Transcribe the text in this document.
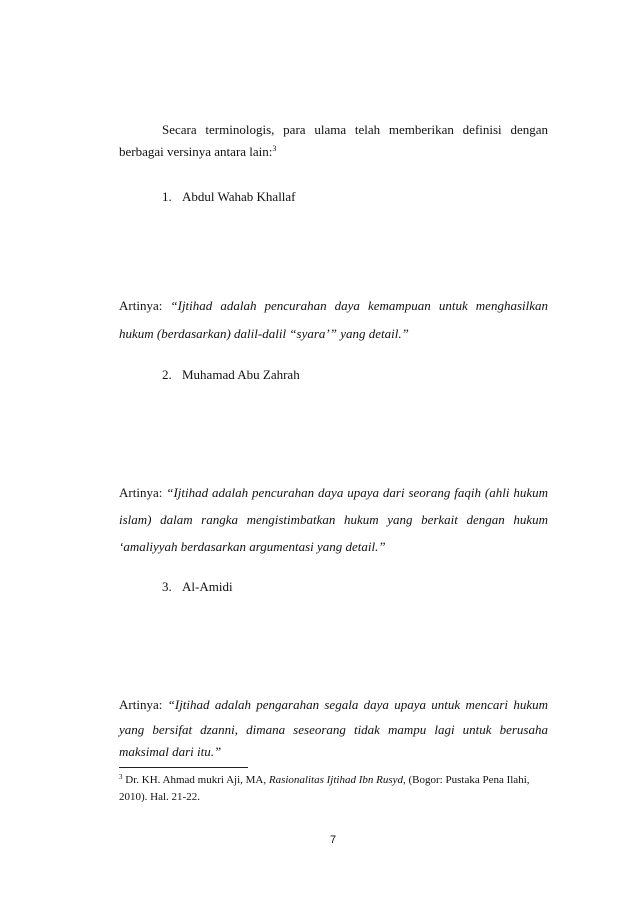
Secara terminologis, para ulama telah memberikan definisi dengan
berbagai versinya antara lain:$^3$
1. Abdul Wahab Khallaf
Artinya: “Ijtihad adalah pencurahan daya kemampuan untuk menghasilkan
hukum (berdasarkan) dalil-dalil “syara’” yang detail.”
2. Muhamad Abu Zahrah
Artinya: “Ijtihad adalah pencurahan daya upaya dari seorang faqih (ahli hukum
islam) dalam rangka mengistimbatkan hukum yang berkait dengan hukum
‘amaliyyah berdasarkan argumentasi yang detail.”
3. Al-Amidi
Artinya: “Ijtihad adalah pengarahan segala daya upaya untuk mencari hukum
yang bersifat dzanni, dimana seseorang tidak mampu lagi untuk berusaha
maksimal dari itu.”
$^3$ Dr. KH. Ahmad mukri Aji, MA, Rasionalitas Ijtihad Ibn Rusyd, (Bogor: Pustaka Pena Ilahi,
2010). Hal. 21-22.
7
